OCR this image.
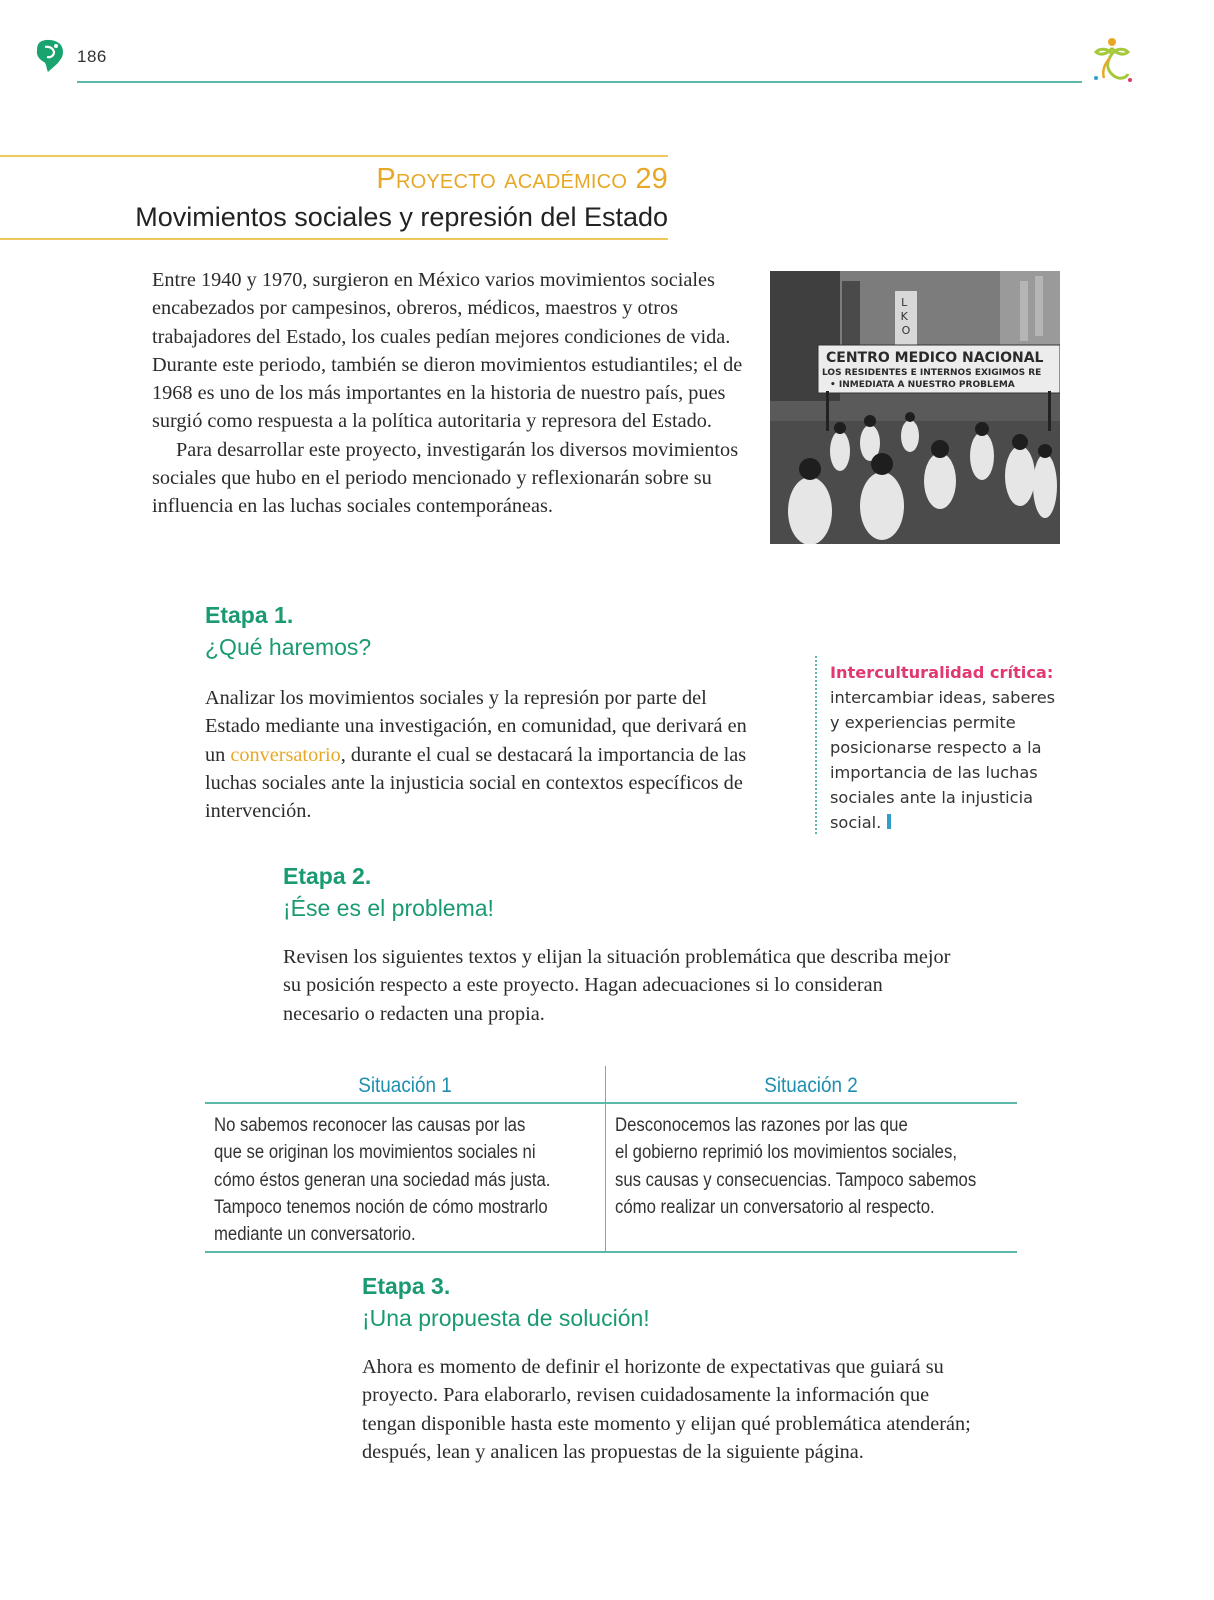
186
Proyecto académico 29
Movimientos sociales y represión del Estado

Entre 1940 y 1970, surgieron en México varios movimientos sociales encabezados por campesinos, obreros, médicos, maestros y otros trabajadores del Estado, los cuales pedían mejores condiciones de vida. Durante este periodo, también se dieron movimientos estudiantiles; el de 1968 es uno de los más importantes en la historia de nuestro país, pues surgió como respuesta a la política autoritaria y represora del Estado.

Para desarrollar este proyecto, investigarán los diversos movimientos sociales que hubo en el periodo mencionado y reflexionarán sobre su influencia en las luchas sociales contemporáneas.

L K O
CENTRO MEDICO NACIONAL
LOS RESIDENTES E INTERNOS EXIGIMOS RE
• INMEDIATA A NUESTRO PROBLEMA
Etapa 1.
¿Qué haremos?
Analizar los movimientos sociales y la represión por parte del Estado mediante una investigación, en comunidad, que derivará en un conversatorio, durante el cual se destacará la importancia de las luchas sociales ante la injusticia social en contextos específicos de intervención.
Interculturalidad crítica: intercambiar ideas, saberes y experiencias permite posicionarse respecto a la importancia de las luchas sociales ante la injusticia social.
Etapa 2.
¡Ése es el problema!
Revisen los siguientes textos y elijan la situación problemática que describa mejor su posición respecto a este proyecto. Hagan adecuaciones si lo consideran necesario o redacten una propia.
Situación 1	Situación 2
No sabemos reconocer las causas por las
que se originan los movimientos sociales ni
cómo éstos generan una sociedad más justa.
Tampoco tenemos noción de cómo mostrarlo
mediante un conversatorio.
Desconocemos las razones por las que
el gobierno reprimió los movimientos sociales,
sus causas y consecuencias. Tampoco sabemos
cómo realizar un conversatorio al respecto.
Etapa 3.
¡Una propuesta de solución!
Ahora es momento de definir el horizonte de expectativas que guiará su proyecto. Para elaborarlo, revisen cuidadosamente la información que tengan disponible hasta este momento y elijan qué problemática atenderán; después, lean y analicen las propuestas de la siguiente página.
